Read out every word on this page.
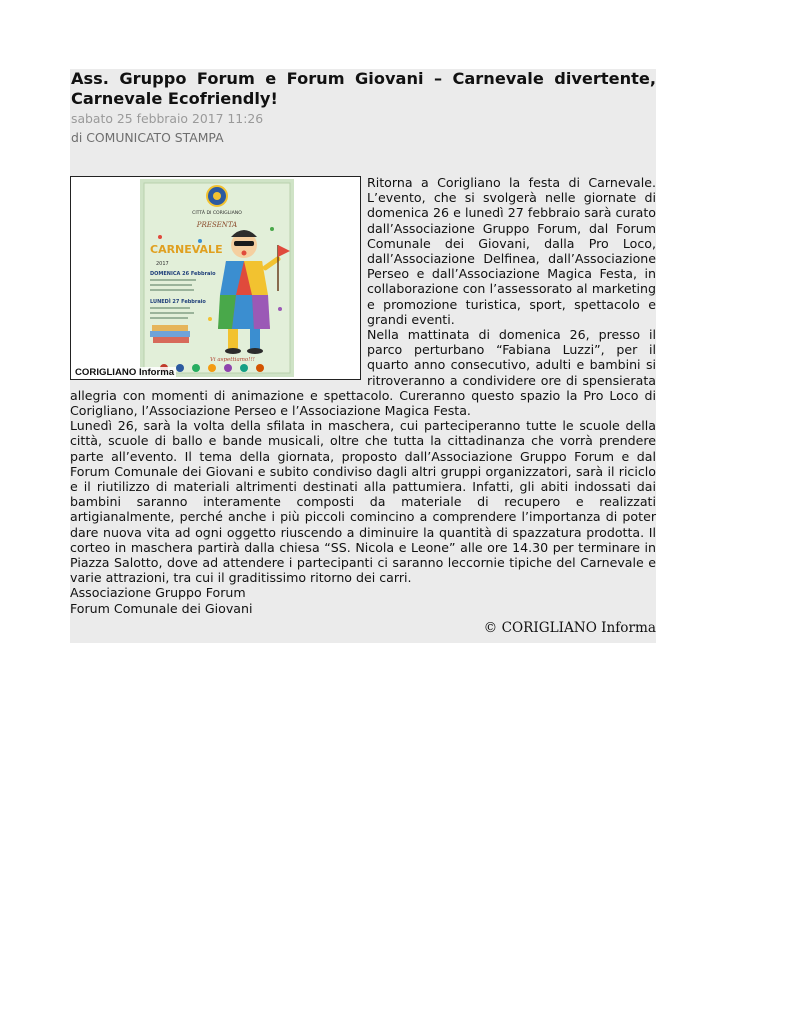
Ass. Gruppo Forum e Forum Giovani – Carnevale divertente, Carnevale Ecofriendly!
sabato 25 febbraio 2017 11:26
di COMUNICATO STAMPA
CITTÀ DI CORIGLIANO
PRESENTA
CARNEVALE
2017
DOMENICA 26 Febbraio
LUNEDÌ 27 Febbraio
Vi aspettiamo!!!
CORIGLIANO Informa

Ritorna a Corigliano la festa di Carnevale. L’evento, che si svolgerà nelle giornate di domenica 26 e lunedì 27 febbraio sarà curato dall’Associazione Gruppo Forum, dal Forum Comunale dei Giovani, dalla Pro Loco, dall’Associazione Delfinea, dall’Associazione Perseo e dall’Associazione Magica Festa, in collaborazione con l’assessorato al marketing e promozione turistica, sport, spettacolo e grandi eventi.

Nella mattinata di domenica 26, presso il parco perturbano “Fabiana Luzzi”, per il quarto anno consecutivo, adulti e bambini si ritroveranno a condividere ore di spensierata allegria con momenti di animazione e spettacolo. Cureranno questo spazio la Pro Loco di Corigliano, l’Associazione Perseo e l’Associazione Magica Festa.

Lunedì 26, sarà la volta della sfilata in maschera, cui parteciperanno tutte le scuole della città, scuole di ballo e bande musicali, oltre che tutta la cittadinanza che vorrà prendere parte all’evento. Il tema della giornata, proposto dall’Associazione Gruppo Forum e dal Forum Comunale dei Giovani e subito condiviso dagli altri gruppi organizzatori, sarà il riciclo e il riutilizzo di materiali altrimenti destinati alla pattumiera. Infatti, gli abiti indossati dai bambini saranno interamente composti da materiale di recupero e realizzati artigianalmente, perché anche i più piccoli comincino a comprendere l’importanza di poter dare nuova vita ad ogni oggetto riuscendo a diminuire la quantità di spazzatura prodotta. Il corteo in maschera partirà dalla chiesa “SS. Nicola e Leone” alle ore 14.30 per terminare in Piazza Salotto, dove ad attendere i partecipanti ci saranno leccornie tipiche del Carnevale e varie attrazioni, tra cui il graditissimo ritorno dei carri.

Associazione Gruppo Forum

Forum Comunale dei Giovani

© CORIGLIANO Informa
